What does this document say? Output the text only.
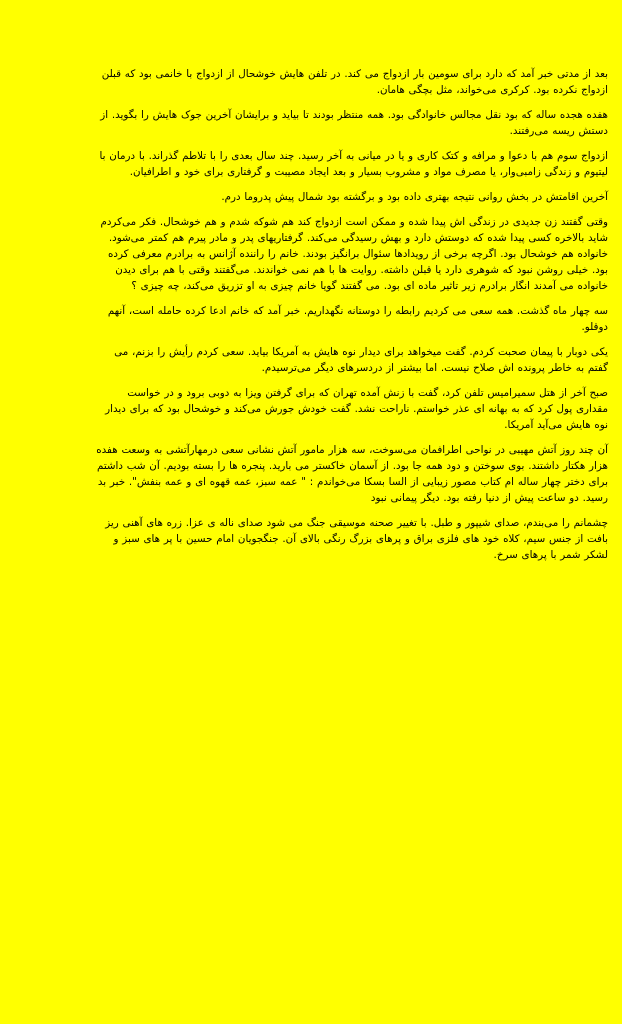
بعد از مدتی خبر آمد که دارد برای سومین بار ازدواج می کند. در تلفن هایش خوشحال از ازدواج با خانمی بود که قبلن ازدواج نکرده بود. کرکری می‌خواند، مثل بچگی هامان.

هفده هجده ساله که بود نقل مجالس خانوادگی بود. همه منتظر بودند تا بیاید و برایشان آخرین جوک هایش را بگوید. از دستش ریسه می‌رفتند.

ازدواج سوم هم با دعوا و مرافه و کتک کاری و یا در میانی به آخر رسید. چند سال بعدی را با تلاطم گذراند. با درمان با لیتیوم و زندگی زامبی‌وار، یا مصرف مواد و مشروب بسیار و بعد ایجاد مصیبت و گرفتاری برای خود و اطرافیان.

آخرین اقامتش در بخش روانی نتیجه بهتری داده بود و برگشته بود شمال پیش پدروما درم.

وقتی گفتند زن جدیدی در زندگی اش پیدا شده و ممکن است ازدواج کند هم شوکه شدم و هم خوشحال. فکر می‌کردم شاید بالاخره کسی پیدا شده که دوستش دارد و بهش رسیدگی می‌کند. گرفتاریهای پدر و مادر پیرم هم کمتر می‌شود. خانواده هم خوشحال بود. اگرچه برخی از رویدادها سئوال برانگیز بودند. خانم را راننده آژانس به برادرم معرفی کرده بود. خیلی روشن نبود که شوهری دارد یا قبلن داشته. روایت ها با هم نمی خواندند. می‌گفتند وقتی با هم برای دیدن خانواده می آمدند انگار برادرم زیر تاثیر ماده ای بود. می گفتند گویا خانم چیزی به او تزریق می‌کند، چه چیزی ؟

سه چهار ماه گذشت. همه سعی می کردیم رابطه را دوستانه نگهداریم. خبر آمد که خانم ادعا کرده حامله است، آنهم دوقلو.

یکی دوبار با پیمان صحبت کردم. گفت میخواهد برای دیدار نوه هایش به آمریکا بیاید. سعی کردم رأیش را بزنم، می گفتم به خاطر پرونده اش صلاح نیست. اما بیشتر از دردسرهای دیگر می‌ترسیدم.

صبح آخر از هتل سمیرامیس تلفن کرد، گفت با زنش آمده تهران که برای گرفتن ویزا به دوبی برود و در خواست مقداری پول کرد که به بهانه ای عذر خواستم. ناراحت نشد. گفت خودش جورش می‌کند و خوشحال بود که برای دیدار نوه هایش می‌آید آمریکا.

آن چند روز آتش مهیبی در نواحی اطرافمان می‌سوخت، سه هزار مامور آتش نشانی سعی درمهارآتشی به وسعت هفده هزار هکتار داشتند. بوی سوختن و دود همه جا بود. از آسمان خاکستر می بارید. پنجره ها را بسته بودیم. آن شب داشتم برای دختر چهار ساله ام کتاب مصور زیبایی از السا بسکا می‌خواندم : " عمه سبز، عمه قهوه ای و عمه بنفش". خبر بد رسید. دو ساعت پیش از دنیا رفته بود. دیگر پیمانی نبود

چشمانم را می‌بندم، صدای شیپور و طبل. با تغییر صحنه موسیقی جنگ می شود صدای ناله ی عزا. زره های آهنی ریز بافت از جنس سیم، کلاه خود های فلزی براق و پرهای بزرگ رنگی بالای آن. جنگجویان امام حسین با پر های سبز و لشکر شمر با پرهای سرخ.
